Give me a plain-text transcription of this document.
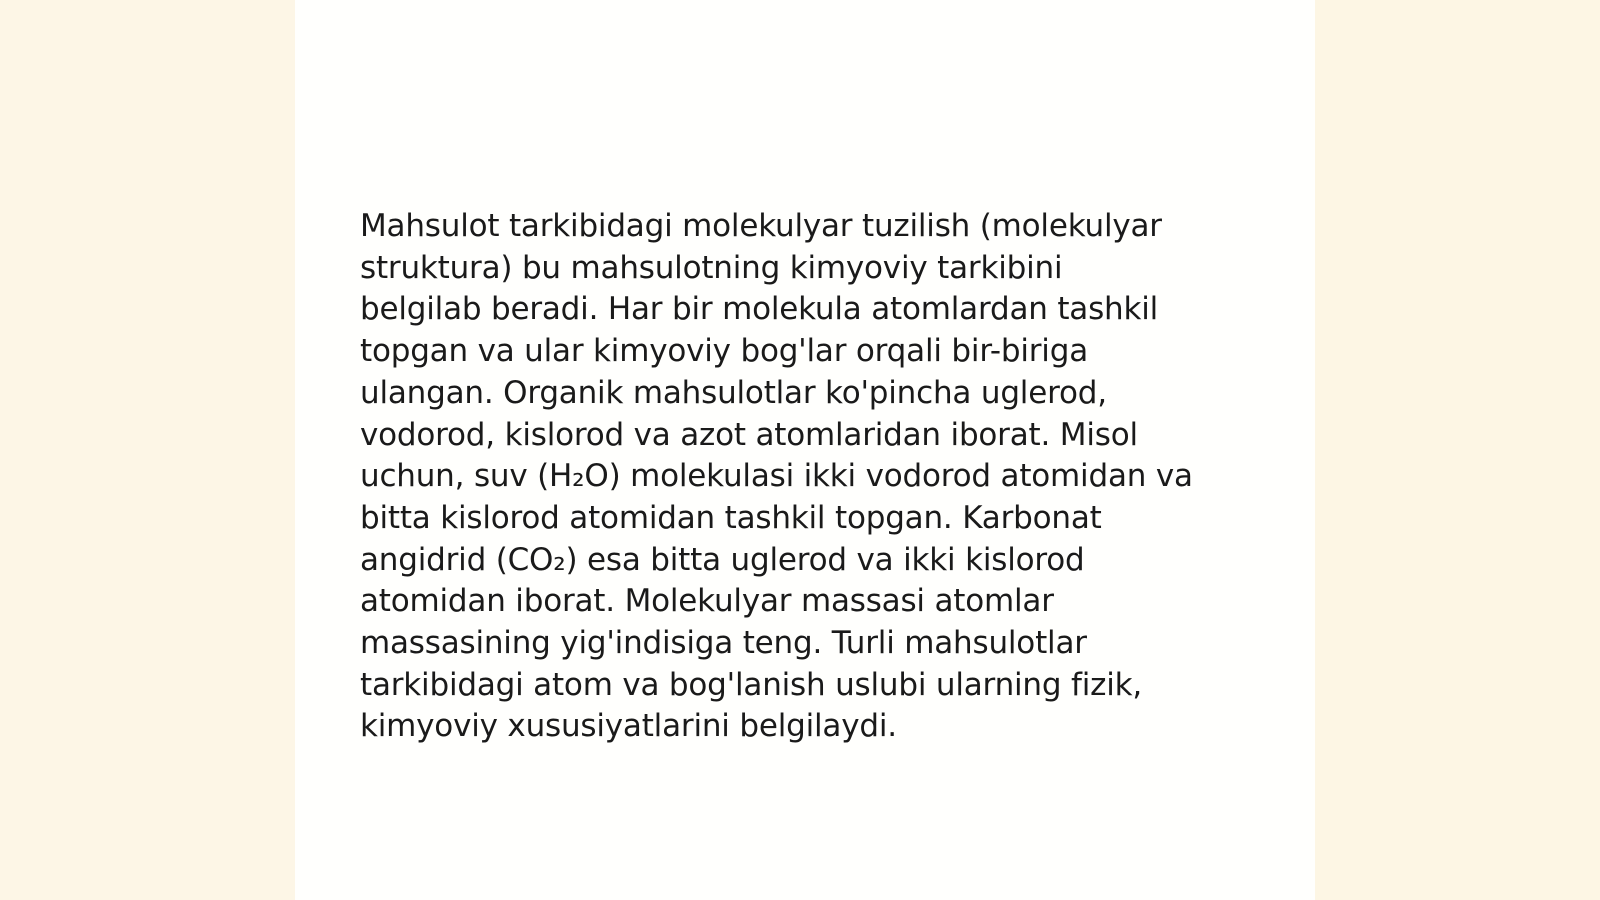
Mahsulot tarkibidagi molekulyar tuzilish (molekulyar
struktura) bu mahsulotning kimyoviy tarkibini
belgilab beradi. Har bir molekula atomlardan tashkil
topgan va ular kimyoviy bog'lar orqali bir-biriga
ulangan. Organik mahsulotlar ko'pincha uglerod,
vodorod, kislorod va azot atomlaridan iborat. Misol
uchun, suv (H₂O) molekulasi ikki vodorod atomidan va
bitta kislorod atomidan tashkil topgan. Karbonat
angidrid (CO₂) esa bitta uglerod va ikki kislorod
atomidan iborat. Molekulyar massasi atomlar
massasining yig'indisiga teng. Turli mahsulotlar
tarkibidagi atom va bog'lanish uslubi ularning fizik,
kimyoviy xususiyatlarini belgilaydi.
